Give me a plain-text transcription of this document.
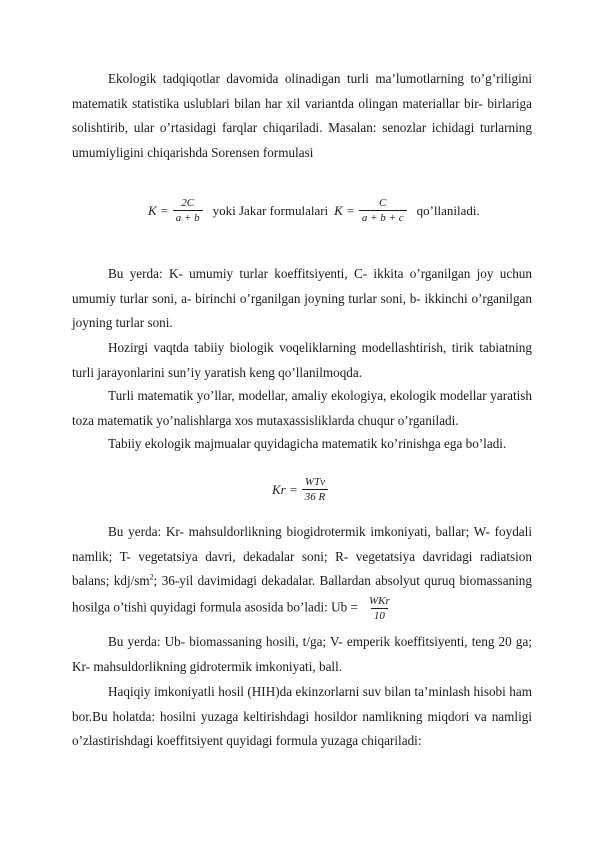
Ekologik tadqiqotlar davomida olinadigan turli ma’lumotlarning to’g’riligini matematik statistika uslublari bilan har xil variantda olingan materiallar bir- birlariga solishtirib, ular o’rtasidagi farqlar chiqariladi. Masalan: senozlar ichidagi turlarning umumiyligini chiqarishda Sorensen formulasi
$K = \frac{2C}{a + b}$ yoki Jakar formulalari $K = \frac{C}{a + b + c}$ qo’llaniladi.
Bu yerda: K- umumiy turlar koeffitsiyenti, C- ikkita o’rganilgan joy uchun umumiy turlar soni, a- birinchi o’rganilgan joyning turlar soni, b- ikkinchi o’rganilgan joyning turlar soni.
Hozirgi vaqtda tabiiy biologik voqeliklarning modellashtirish, tirik tabiatning turli jarayonlarini sun’iy yaratish keng qo’llanilmoqda.
Turli matematik yo’llar, modellar, amaliy ekologiya, ekologik modellar yaratish toza matematik yo’nalishlarga xos mutaxassisliklarda chuqur o’rganiladi.
Tabiiy ekologik majmualar quyidagicha matematik ko’rinishga ega bo’ladi.
$Kr = \frac{\text{WTv}}{36 R}$
Bu yerda: Kr- mahsuldorlikning biogidrotermik imkoniyati, ballar; W- foydali namlik; T- vegetatsiya davri, dekadalar soni; R- vegetatsiya davridagi radiatsion balans; kdj/$sm^2$; 36-yil davimidagi dekadalar. Ballardan absolyut quruq biomassaning hosilga o’tishi quyidagi formula asosida bo’ladi: $Ub = \frac{\text{WKr}}{10}$
Bu yerda: Ub- biomassaning hosili, t/ga; V- emperik koeffitsiyenti, teng 20 ga; Kr- mahsuldorlikning gidrotermik imkoniyati, ball.
Haqiqiy imkoniyatli hosil (HIH)da ekinzorlarni suv bilan ta’minlash hisobi ham bor.Bu holatda: hosilni yuzaga keltirishdagi hosildor namlikning miqdori va namligi o’zlastirishdagi koeffitsiyent quyidagi formula yuzaga chiqariladi:
